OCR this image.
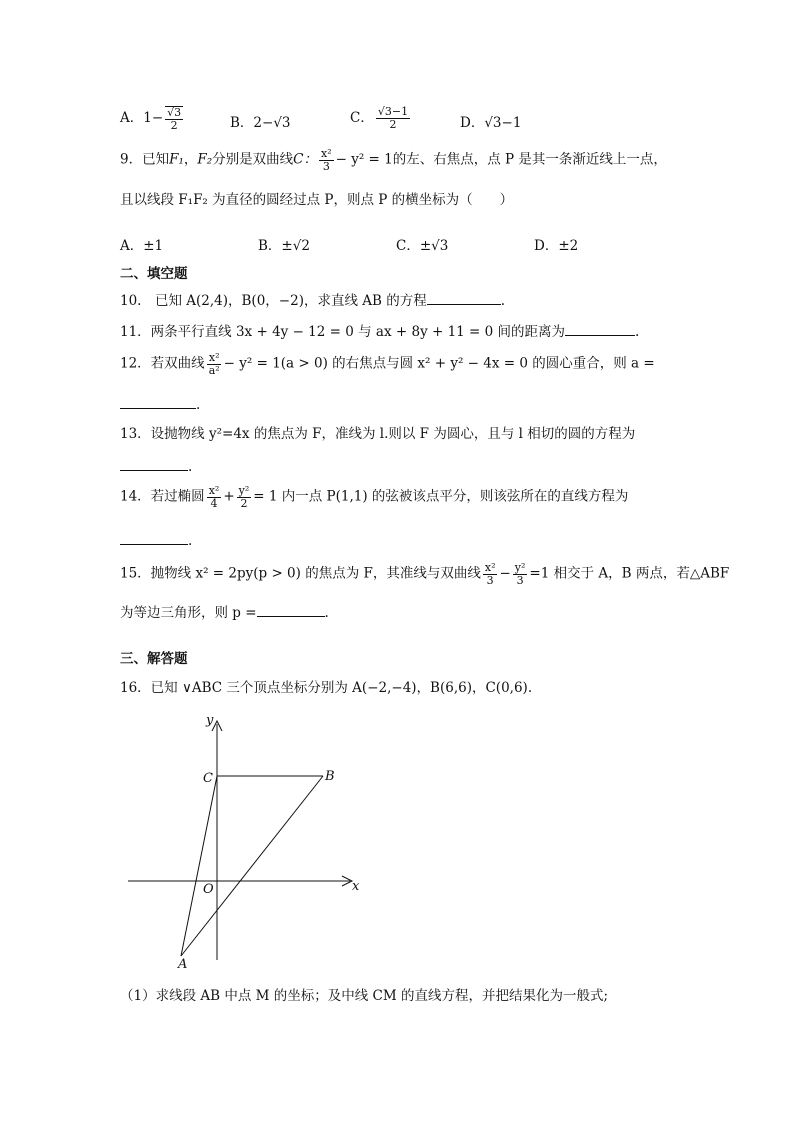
A．$1- \frac{√3}{2}$	B．2−√3	C． $\frac{√3-1}{2}$	D．√3−1
9．已知F₁，F₂分别是双曲线C： $\frac{\text{x²}}{3} - y^2 = 1$的左、右焦点，点 P 是其一条渐近线上一点，
且以线段 F₁F₂ 为直径的圆经过点 P，则点 P 的横坐标为（　　）
A．±1	B．±√2	C．±√3	D．±2
二、填空题
10.　已知 A(2,4)，B(0，−2)，求直线 AB 的方程	.
11．两条平行直线 3x + 4y − 12 = 0 与 ax + 8y + 11 = 0 间的距离为	.
12．若双曲线 $\frac{\text{x²}}{\text{a²}} - y^2 = 1(a > 0)$ 的右焦点与圆 x² + y² − 4x = 0 的圆心重合，则 a =
.
13．设抛物线 y²=4x 的焦点为 F，准线为 l.则以 F 为圆心，且与 l 相切的圆的方程为
.
14．若过椭圆 $\frac{\text{x²}}{4} + \frac{\text{y²}}{2} = 1$ 内一点 P(1,1) 的弦被该点平分，则该弦所在的直线方程为
.
15．抛物线 x² = 2py(p > 0) 的焦点为 F，其准线与双曲线 $\frac{\text{x²}}{3} - \frac{\text{y²}}{3} =1$ 相交于 A，B 两点，若△ABF
为等边三角形，则 p =	.
三、解答题
16．已知 ∨ABC 三个顶点坐标分别为 A(−2,−4)，B(6,6)，C(0,6).
y
x
O
C	B
A
（1）求线段 AB 中点 M 的坐标；及中线 CM 的直线方程，并把结果化为一般式;
